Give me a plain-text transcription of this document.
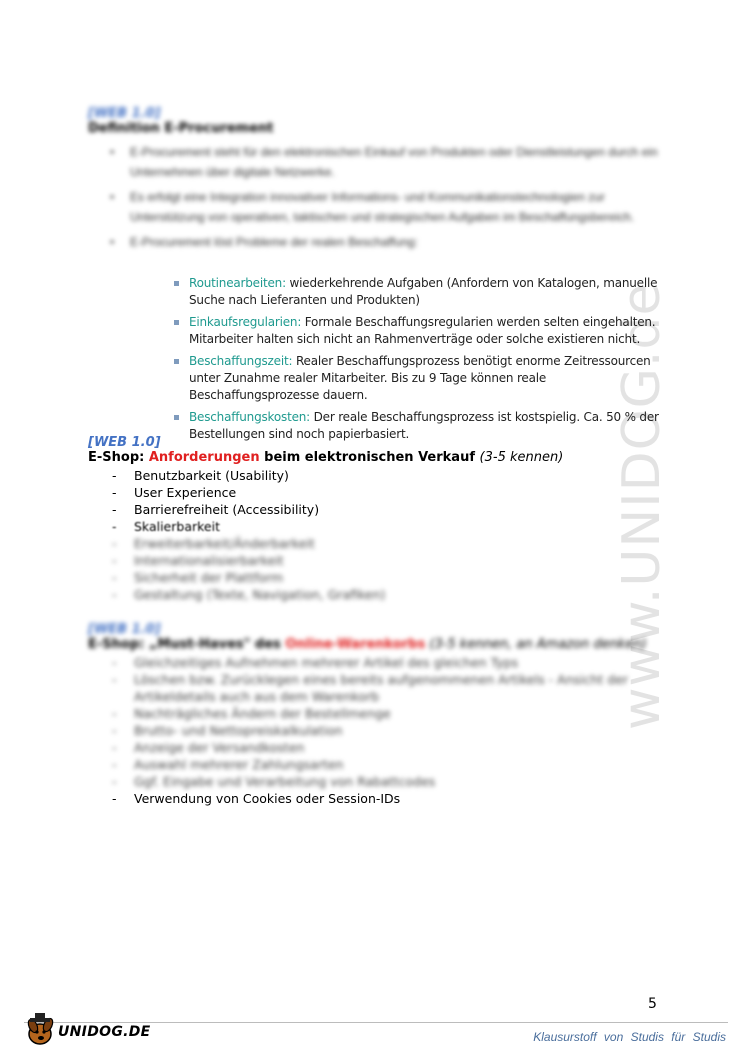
www.UNIDOG.de
[WEB 1.0]
Definition E-Procurement
• E-Procurement steht für den elektronischen Einkauf von Produkten oder Dienstleistungen durch ein Unternehmen über digitale Netzwerke.
• Es erfolgt eine Integration innovativer Informations- und Kommunikationstechnologien zur Unterstützung von operativen, taktischen und strategischen Aufgaben im Beschaffungsbereich.
• E-Procurement löst Probleme der realen Beschaffung:
Routinearbeiten: wiederkehrende Aufgaben (Anfordern von Katalogen, manuelle Suche nach Lieferanten und Produkten)
Einkaufsregularien: Formale Beschaffungsregularien werden selten eingehalten. Mitarbeiter halten sich nicht an Rahmenverträge oder solche existieren nicht.
Beschaffungszeit: Realer Beschaffungsprozess benötigt enorme Zeitressourcen unter Zunahme realer Mitarbeiter. Bis zu 9 Tage können reale Beschaffungsprozesse dauern.
Beschaffungskosten: Der reale Beschaffungsprozess ist kostspielig. Ca. 50 % der Bestellungen sind noch papierbasiert.
[WEB 1.0]
E-Shop: Anforderungen beim elektronischen Verkauf (3-5 kennen)
- Benutzbarkeit (Usability)
- User Experience
- Barrierefreiheit (Accessibility)
- Skalierbarkeit
- Erweiterbarkeit/Änderbarkeit
- Internationalisierbarkeit
- Sicherheit der Plattform
- Gestaltung (Texte, Navigation, Grafiken)
[WEB 1.0]
E-Shop: „Must-Haves" des Online-Warenkorbs (3-5 kennen, an Amazon denken)
- Gleichzeitiges Aufnehmen mehrerer Artikel des gleichen Typs
- Löschen bzw. Zurücklegen eines bereits aufgenommenen Artikels - Ansicht der Artikeldetails auch aus dem Warenkorb
- Nachträgliches Ändern der Bestellmenge
- Brutto- und Nettopreiskalkulation
- Anzeige der Versandkosten
- Auswahl mehrerer Zahlungsarten
- Ggf. Eingabe und Verarbeitung von Rabattcodes
- Verwendung von Cookies oder Session-IDs
5
UNIDOG.DE	Klausurstoff von Studis für Studis
